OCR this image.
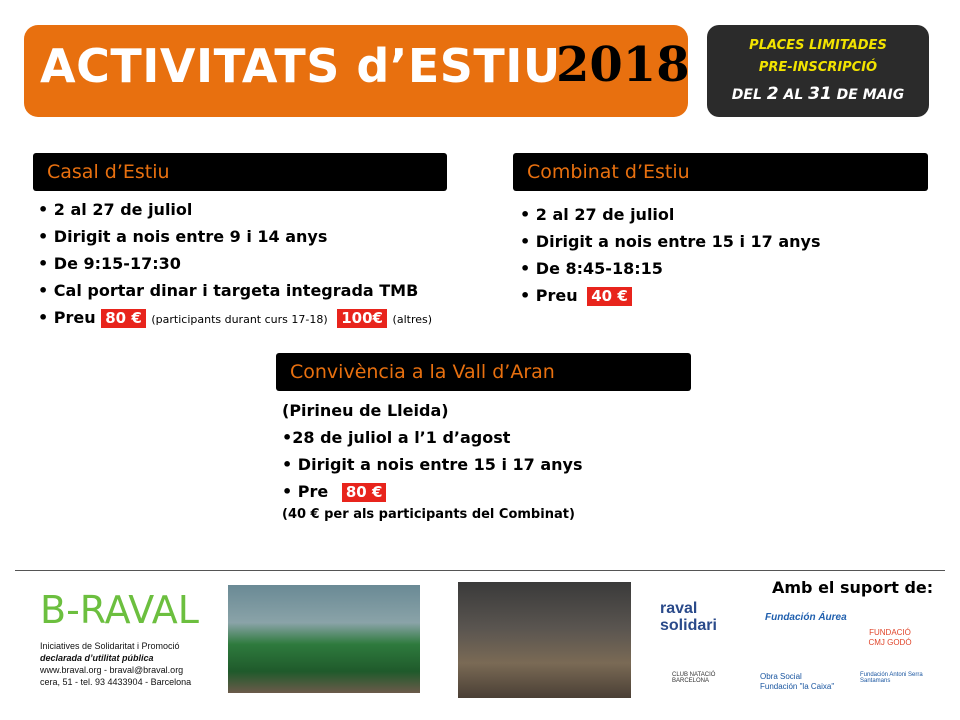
ACTIVITATS d’ESTIU
2018	PLACES LIMITADES
PRE-INSCRIPCIÓ
DEL 2 AL 31 DE MAIG
Casal d’Estiu
• 2 al 27 de juliol
• Dirigit a nois entre 9 i 14 anys
• De 9:15-17:30
• Cal portar dinar i targeta integrada TMB
• Preu 80 € (participants durant curs 17-18) 100€ (altres)
Combinat d’Estiu
• 2 al 27 de juliol
• Dirigit a nois entre 15 i 17 anys
• De 8:45-18:15
• Preu 40 €
Convivència a la Vall d’Aran
(Pirineu de Lleida)
•28 de juliol a l’1 d’agost
• Dirigit a nois entre 15 i 17 anys
• Pre 80 €
(40 € per als participants del Combinat)
B-RAVAL
Iniciatives de Solidaritat i Promoció
declarada d’utilitat pública
www.braval.org - braval@braval.org
cera, 51 - tel. 93 4433904 - Barcelona
Amb el suport de:
raval solidari	Fundación Áurea
FUNDACIÓ CMJ GODÓ
CLUB NATACIÓ BARCELONA	Obra Social Fundación "la Caixa"
Fundación Antoni Serra Santamans
